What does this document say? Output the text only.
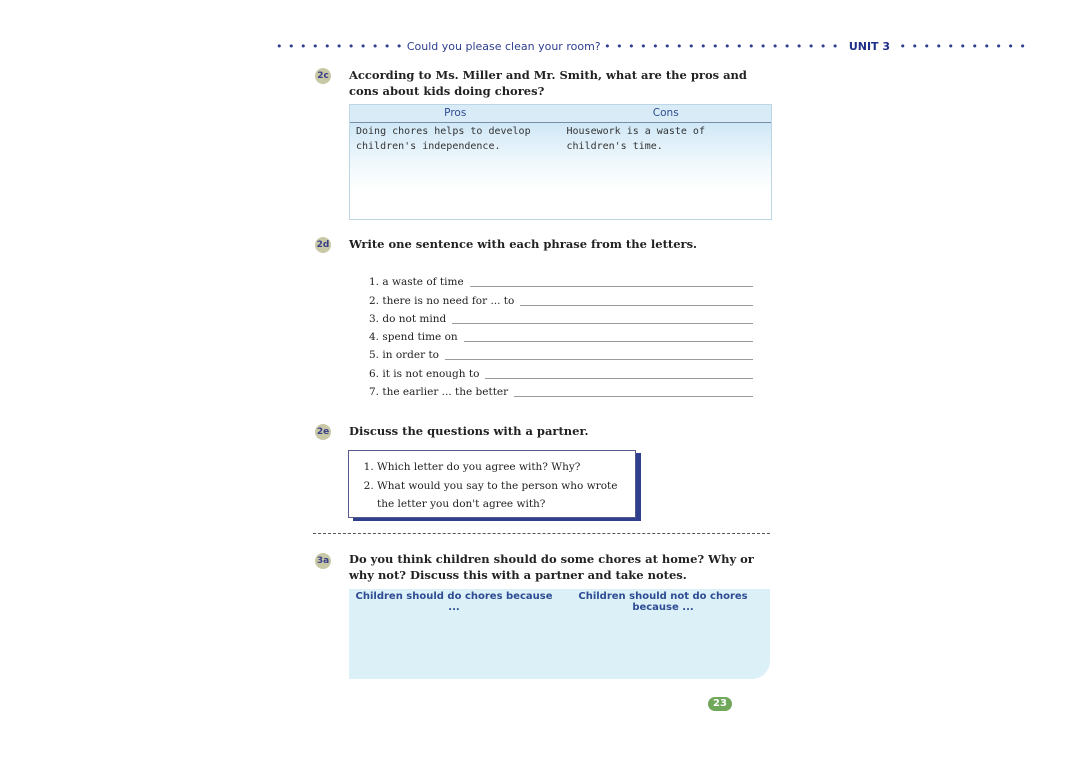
• • • • • • • • • • • Could you please clean your room? • • • • • • • • • • • • • • • • • • • • UNIT 3 • • • • • • • • • • •
2c According to Ms. Miller and Mr. Smith, what are the pros and cons about kids doing chores?
Pros	Cons
Doing chores helps to develop children's independence.
Housework is a waste of children's time.
2d Write one sentence with each phrase from the letters.
1. a waste of time
2. there is no need for ... to
3. do not mind
4. spend time on
5. in order to
6. it is not enough to
7. the earlier ... the better
2e Discuss the questions with a partner.
1. Which letter do you agree with? Why?
2. What would you say to the person who wrote the letter you don't agree with?
3a Do you think children should do some chores at home? Why or why not? Discuss this with a partner and take notes.
Children should do chores because ...
Children should not do chores because ...
23
